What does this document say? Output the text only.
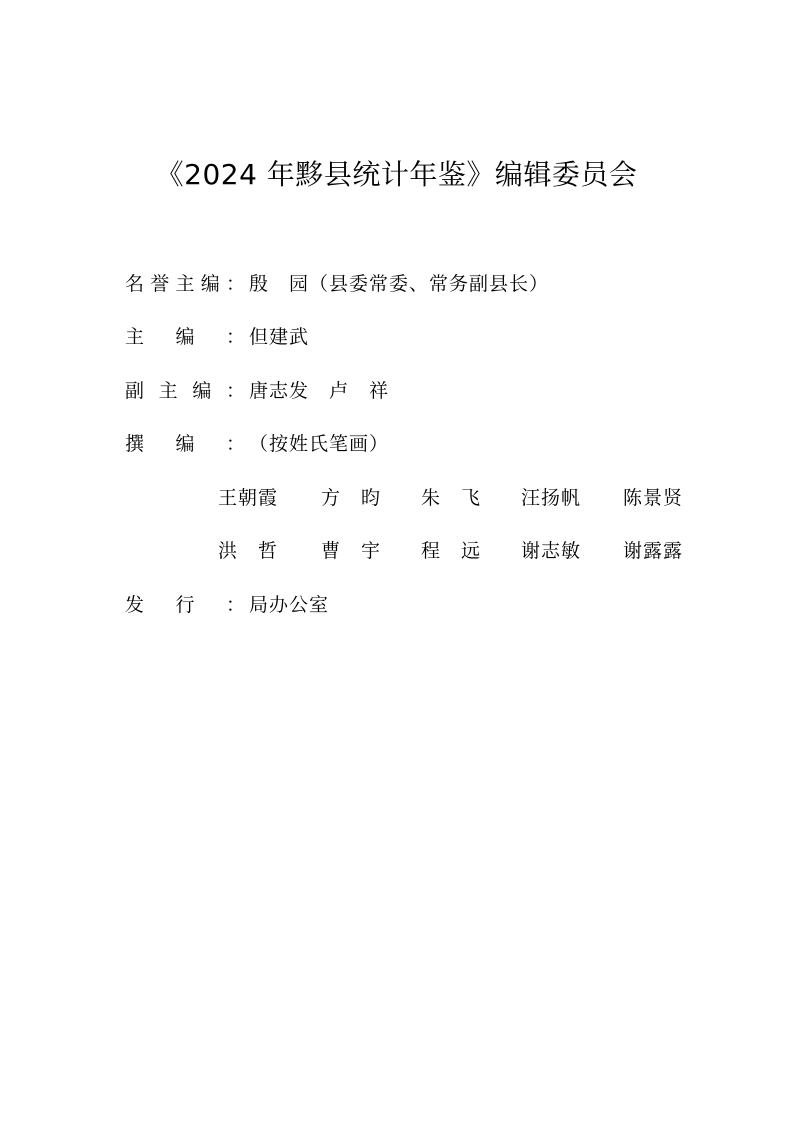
《2024 年黟县统计年鉴》编辑委员会
名 誉 主 编 ： 殷　园（县委常委、常务副县长）
主 编 ： 但建武
副 主 编 ： 唐志发　卢　祥
撰 编 ： （按姓氏笔画）
王朝霞 方　昀 朱　飞 汪扬帆 陈景贤
洪　哲 曹　宇 程　远 谢志敏 谢露露
发 行 ： 局办公室
